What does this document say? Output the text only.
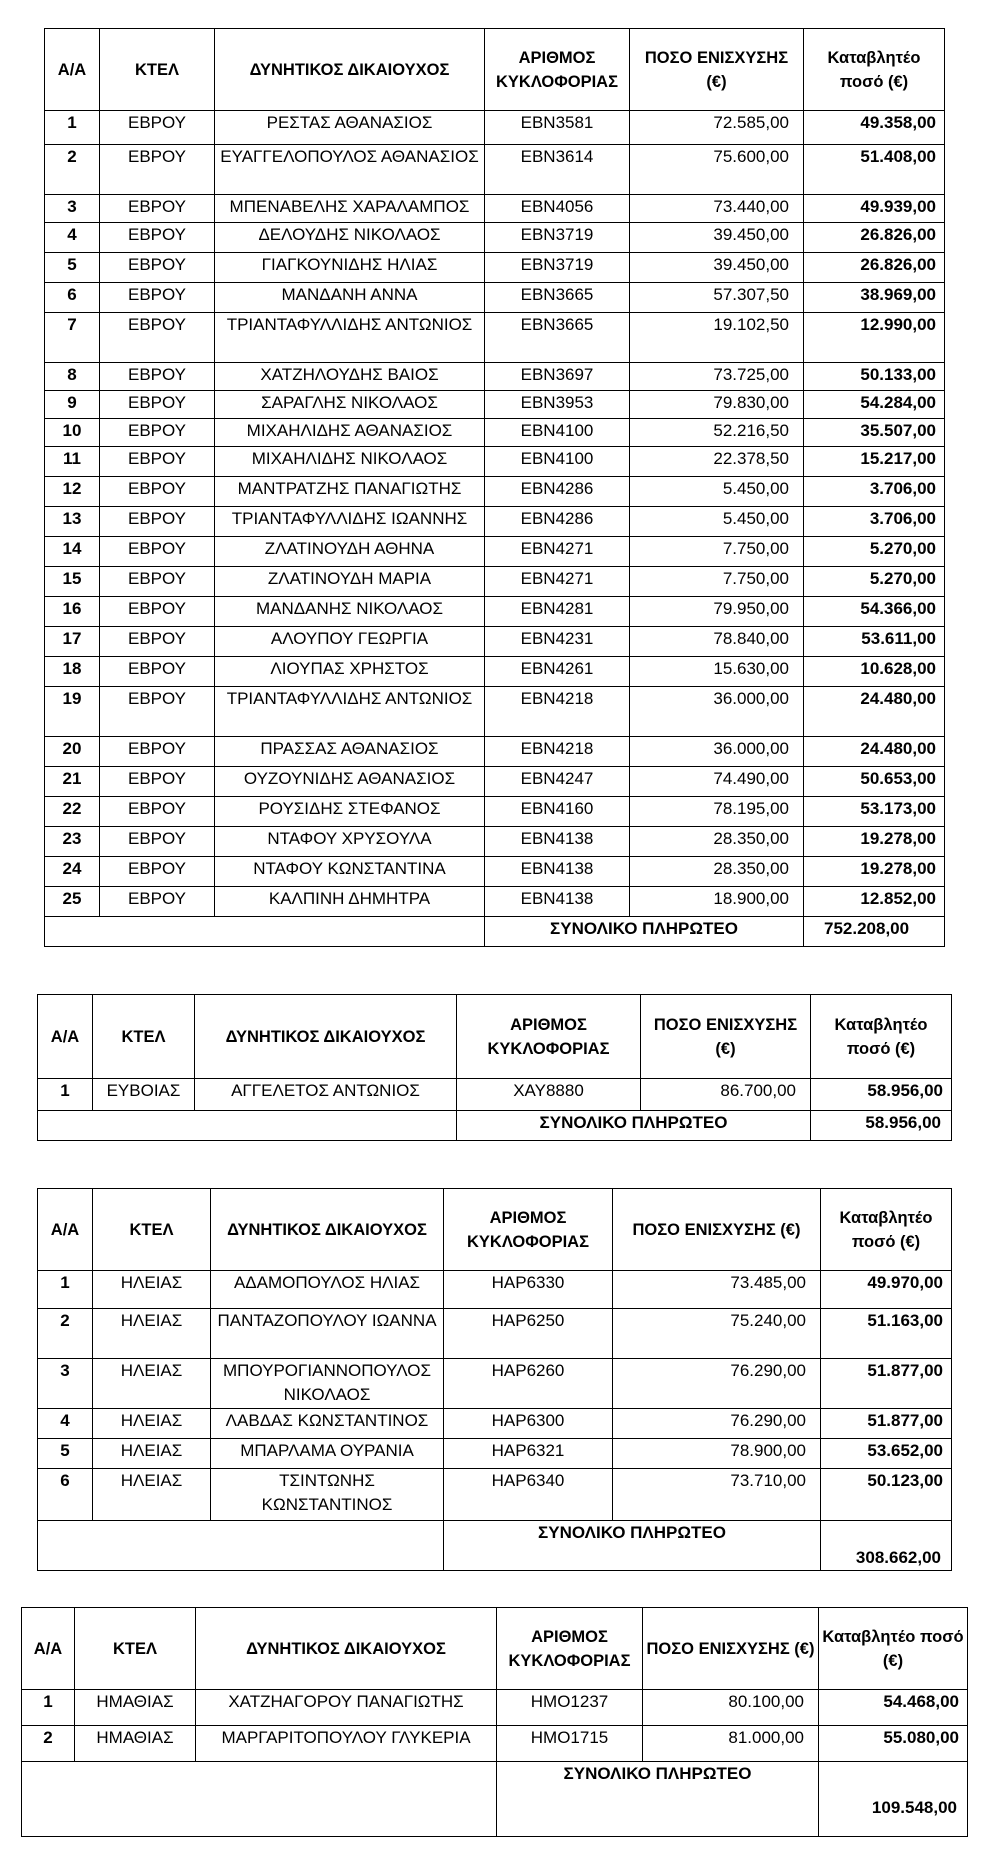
Α/Α	ΚΤΕΛ	ΔΥΝΗΤΙΚΟΣ ΔΙΚΑΙΟΥΧΟΣ	ΑΡΙΘΜΟΣ ΚΥΚΛΟΦΟΡΙΑΣ	ΠΟΣΟ ΕΝΙΣΧΥΣΗΣ (€)	Καταβλητέο ποσό (€)
1	ΕΒΡΟΥ	ΡΕΣΤΑΣ ΑΘΑΝΑΣΙΟΣ	ΕΒΝ3581	72.585,00	49.358,00
2	ΕΒΡΟΥ	ΕΥΑΓΓΕΛΟΠΟΥΛΟΣ ΑΘΑΝΑΣΙΟΣ	ΕΒΝ3614	75.600,00	51.408,00
3	ΕΒΡΟΥ	ΜΠΕΝΑΒΕΛΗΣ ΧΑΡΑΛΑΜΠΟΣ	ΕΒΝ4056	73.440,00	49.939,00
4	ΕΒΡΟΥ	ΔΕΛΟΥΔΗΣ ΝΙΚΟΛΑΟΣ	ΕΒΝ3719	39.450,00	26.826,00
5	ΕΒΡΟΥ	ΓΙΑΓΚΟΥΝΙΔΗΣ ΗΛΙΑΣ	ΕΒΝ3719	39.450,00	26.826,00
6	ΕΒΡΟΥ	ΜΑΝΔΑΝΗ ΑΝΝΑ	ΕΒΝ3665	57.307,50	38.969,00
7	ΕΒΡΟΥ	ΤΡΙΑΝΤΑΦΥΛΛΙΔΗΣ ΑΝΤΩΝΙΟΣ	ΕΒΝ3665	19.102,50	12.990,00
8	ΕΒΡΟΥ	ΧΑΤΖΗΛΟΥΔΗΣ ΒΑΙΟΣ	ΕΒΝ3697	73.725,00	50.133,00
9	ΕΒΡΟΥ	ΣΑΡΑΓΛΗΣ ΝΙΚΟΛΑΟΣ	ΕΒΝ3953	79.830,00	54.284,00
10	ΕΒΡΟΥ	ΜΙΧΑΗΛΙΔΗΣ ΑΘΑΝΑΣΙΟΣ	ΕΒΝ4100	52.216,50	35.507,00
11	ΕΒΡΟΥ	ΜΙΧΑΗΛΙΔΗΣ ΝΙΚΟΛΑΟΣ	ΕΒΝ4100	22.378,50	15.217,00
12	ΕΒΡΟΥ	ΜΑΝΤΡΑΤΖΗΣ ΠΑΝΑΓΙΩΤΗΣ	ΕΒΝ4286	5.450,00	3.706,00
13	ΕΒΡΟΥ	ΤΡΙΑΝΤΑΦΥΛΛΙΔΗΣ ΙΩΑΝΝΗΣ	ΕΒΝ4286	5.450,00	3.706,00
14	ΕΒΡΟΥ	ΖΛΑΤΙΝΟΥΔΗ ΑΘΗΝΑ	ΕΒΝ4271	7.750,00	5.270,00
15	ΕΒΡΟΥ	ΖΛΑΤΙΝΟΥΔΗ ΜΑΡΙΑ	ΕΒΝ4271	7.750,00	5.270,00
16	ΕΒΡΟΥ	ΜΑΝΔΑΝΗΣ ΝΙΚΟΛΑΟΣ	ΕΒΝ4281	79.950,00	54.366,00
17	ΕΒΡΟΥ	ΑΛΟΥΠΟΥ ΓΕΩΡΓΙΑ	ΕΒΝ4231	78.840,00	53.611,00
18	ΕΒΡΟΥ	ΛΙΟΥΠΑΣ ΧΡΗΣΤΟΣ	ΕΒΝ4261	15.630,00	10.628,00
19	ΕΒΡΟΥ	ΤΡΙΑΝΤΑΦΥΛΛΙΔΗΣ ΑΝΤΩΝΙΟΣ	ΕΒΝ4218	36.000,00	24.480,00
20	ΕΒΡΟΥ	ΠΡΑΣΣΑΣ ΑΘΑΝΑΣΙΟΣ	ΕΒΝ4218	36.000,00	24.480,00
21	ΕΒΡΟΥ	ΟΥΖΟΥΝΙΔΗΣ ΑΘΑΝΑΣΙΟΣ	ΕΒΝ4247	74.490,00	50.653,00
22	ΕΒΡΟΥ	ΡΟΥΣΙΔΗΣ ΣΤΕΦΑΝΟΣ	ΕΒΝ4160	78.195,00	53.173,00
23	ΕΒΡΟΥ	ΝΤΑΦΟΥ ΧΡΥΣΟΥΛΑ	ΕΒΝ4138	28.350,00	19.278,00
24	ΕΒΡΟΥ	ΝΤΑΦΟΥ ΚΩΝΣΤΑΝΤΙΝΑ	ΕΒΝ4138	28.350,00	19.278,00
25	ΕΒΡΟΥ	ΚΑΛΠΙΝΗ ΔΗΜΗΤΡΑ	ΕΒΝ4138	18.900,00	12.852,00
			ΣΥΝΟΛΙΚΟ ΠΛΗΡΩΤΕΟ		752.208,00
Α/Α	ΚΤΕΛ	ΔΥΝΗΤΙΚΟΣ ΔΙΚΑΙΟΥΧΟΣ	ΑΡΙΘΜΟΣ ΚΥΚΛΟΦΟΡΙΑΣ	ΠΟΣΟ ΕΝΙΣΧΥΣΗΣ (€)	Καταβλητέο ποσό (€)
1	ΕΥΒΟΙΑΣ	ΑΓΓΕΛΕΤΟΣ ΑΝΤΩΝΙΟΣ	ΧΑΥ8880	86.700,00	58.956,00
			ΣΥΝΟΛΙΚΟ ΠΛΗΡΩΤΕΟ		58.956,00
Α/Α	ΚΤΕΛ	ΔΥΝΗΤΙΚΟΣ ΔΙΚΑΙΟΥΧΟΣ	ΑΡΙΘΜΟΣ ΚΥΚΛΟΦΟΡΙΑΣ	ΠΟΣΟ ΕΝΙΣΧΥΣΗΣ (€)	Καταβλητέο ποσό (€)
1	ΗΛΕΙΑΣ	ΑΔΑΜΟΠΟΥΛΟΣ ΗΛΙΑΣ	ΗΑΡ6330	73.485,00	49.970,00
2	ΗΛΕΙΑΣ	ΠΑΝΤΑΖΟΠΟΥΛΟΥ ΙΩΑΝΝΑ	ΗΑΡ6250	75.240,00	51.163,00
3	ΗΛΕΙΑΣ	ΜΠΟΥΡΟΓΙΑΝΝΟΠΟΥΛΟΣ ΝΙΚΟΛΑΟΣ	ΗΑΡ6260	76.290,00	51.877,00
4	ΗΛΕΙΑΣ	ΛΑΒΔΑΣ ΚΩΝΣΤΑΝΤΙΝΟΣ	ΗΑΡ6300	76.290,00	51.877,00
5	ΗΛΕΙΑΣ	ΜΠΑΡΛΑΜΑ ΟΥΡΑΝΙΑ	ΗΑΡ6321	78.900,00	53.652,00
6	ΗΛΕΙΑΣ	ΤΣΙΝΤΩΝΗΣ ΚΩΝΣΤΑΝΤΙΝΟΣ	ΗΑΡ6340	73.710,00	50.123,00
			ΣΥΝΟΛΙΚΟ ΠΛΗΡΩΤΕΟ		308.662,00
Α/Α	ΚΤΕΛ	ΔΥΝΗΤΙΚΟΣ ΔΙΚΑΙΟΥΧΟΣ	ΑΡΙΘΜΟΣ ΚΥΚΛΟΦΟΡΙΑΣ	ΠΟΣΟ ΕΝΙΣΧΥΣΗΣ (€)	Καταβλητέο ποσό (€)
1	ΗΜΑΘΙΑΣ	ΧΑΤΖΗΑΓΟΡΟΥ ΠΑΝΑΓΙΩΤΗΣ	ΗΜΟ1237	80.100,00	54.468,00
2	ΗΜΑΘΙΑΣ	ΜΑΡΓΑΡΙΤΟΠΟΥΛΟΥ ΓΛΥΚΕΡΙΑ	ΗΜΟ1715	81.000,00	55.080,00
			ΣΥΝΟΛΙΚΟ ΠΛΗΡΩΤΕΟ		109.548,00
